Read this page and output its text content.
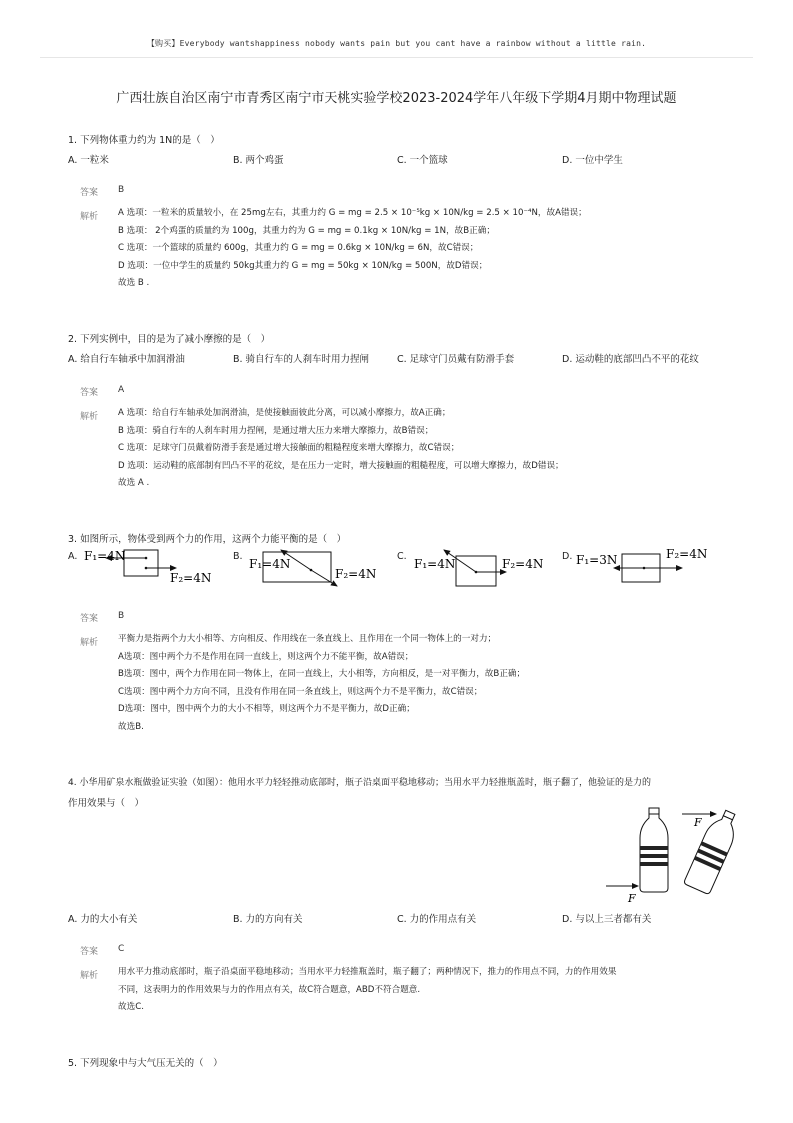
【购买】Everybody wantshappiness nobody wants pain but you cant have a rainbow without a little rain.
广西壮族自治区南宁市青秀区南宁市天桃实验学校2023-2024学年八年级下学期4月期中物理试题
1. 下列物体重力约为 1N的是（　）
A. 一粒米	B. 两个鸡蛋	C. 一个篮球	D. 一位中学生
答案 B
解析 A 选项：一粒米的质量较小，在 25mg左右，其重力约 G = mg = 2.5 × 10⁻⁵kg × 10N/kg = 2.5 × 10⁻⁴N，故A错误；
B 选项： 2个鸡蛋的质量约为 100g，其重力约为 G = mg = 0.1kg × 10N/kg = 1N，故B正确；
C 选项：一个篮球的质量约 600g，其重力约 G = mg = 0.6kg × 10N/kg = 6N，故C错误；
D 选项：一位中学生的质量约 50kg其重力约 G = mg = 50kg × 10N/kg = 500N，故D错误；
故选 B .
2. 下列实例中，目的是为了减小摩擦的是（　）
A. 给自行车轴承中加润滑油	B. 骑自行车的人刹车时用力捏闸	C. 足球守门员戴有防滑手套	D. 运动鞋的底部凹凸不平的花纹
答案 A
解析 A 选项：给自行车轴承处加润滑油，是使接触面彼此分离，可以减小摩擦力，故A正确；
B 选项：骑自行车的人刹车时用力捏闸，是通过增大压力来增大摩擦力，故B错误；
C 选项：足球守门员戴着防滑手套是通过增大接触面的粗糙程度来增大摩擦力，故C错误；
D 选项：运动鞋的底部制有凹凸不平的花纹，是在压力一定时，增大接触面的粗糙程度，可以增大摩擦力，故D错误；
故选 A .
3. 如图所示，物体受到两个力的作用，这两个力能平衡的是（　）
A. F₁=4N
F₂=4N
B.
F₁=4N
F₂=4N
C.
F₁=4N	F₂=4N
D. F₁=3N	F₂=4N
答案 B
解析 平衡力是指两个力大小相等、方向相反、作用线在一条直线上、且作用在一个同一物体上的一对力；
A选项：图中两个力不是作用在同一直线上，则这两个力不能平衡，故A错误；
B选项：图中，两个力作用在同一物体上，在同一直线上，大小相等，方向相反，是一对平衡力，故B正确；
C选项：图中两个力方向不同，且没有作用在同一条直线上，则这两个力不是平衡力，故C错误；
D选项：图中，图中两个力的大小不相等，则这两个力不是平衡力，故D正确；
故选B.
4. 小华用矿泉水瓶做验证实验（如图）：他用水平力轻轻推动底部时，瓶子沿桌面平稳地移动；当用水平力轻推瓶盖时，瓶子翻了，他验证的是力的
作用效果与（　）
F
F
A. 力的大小有关	B. 力的方向有关	C. 力的作用点有关	D. 与以上三者都有关
答案 C
解析 用水平力推动底部时，瓶子沿桌面平稳地移动；当用水平力轻推瓶盖时，瓶子翻了；两种情况下，推力的作用点不同，力的作用效果
不同，这表明力的作用效果与力的作用点有关，故C符合题意，ABD不符合题意.
故选C.
5. 下列现象中与大气压无关的（　）
